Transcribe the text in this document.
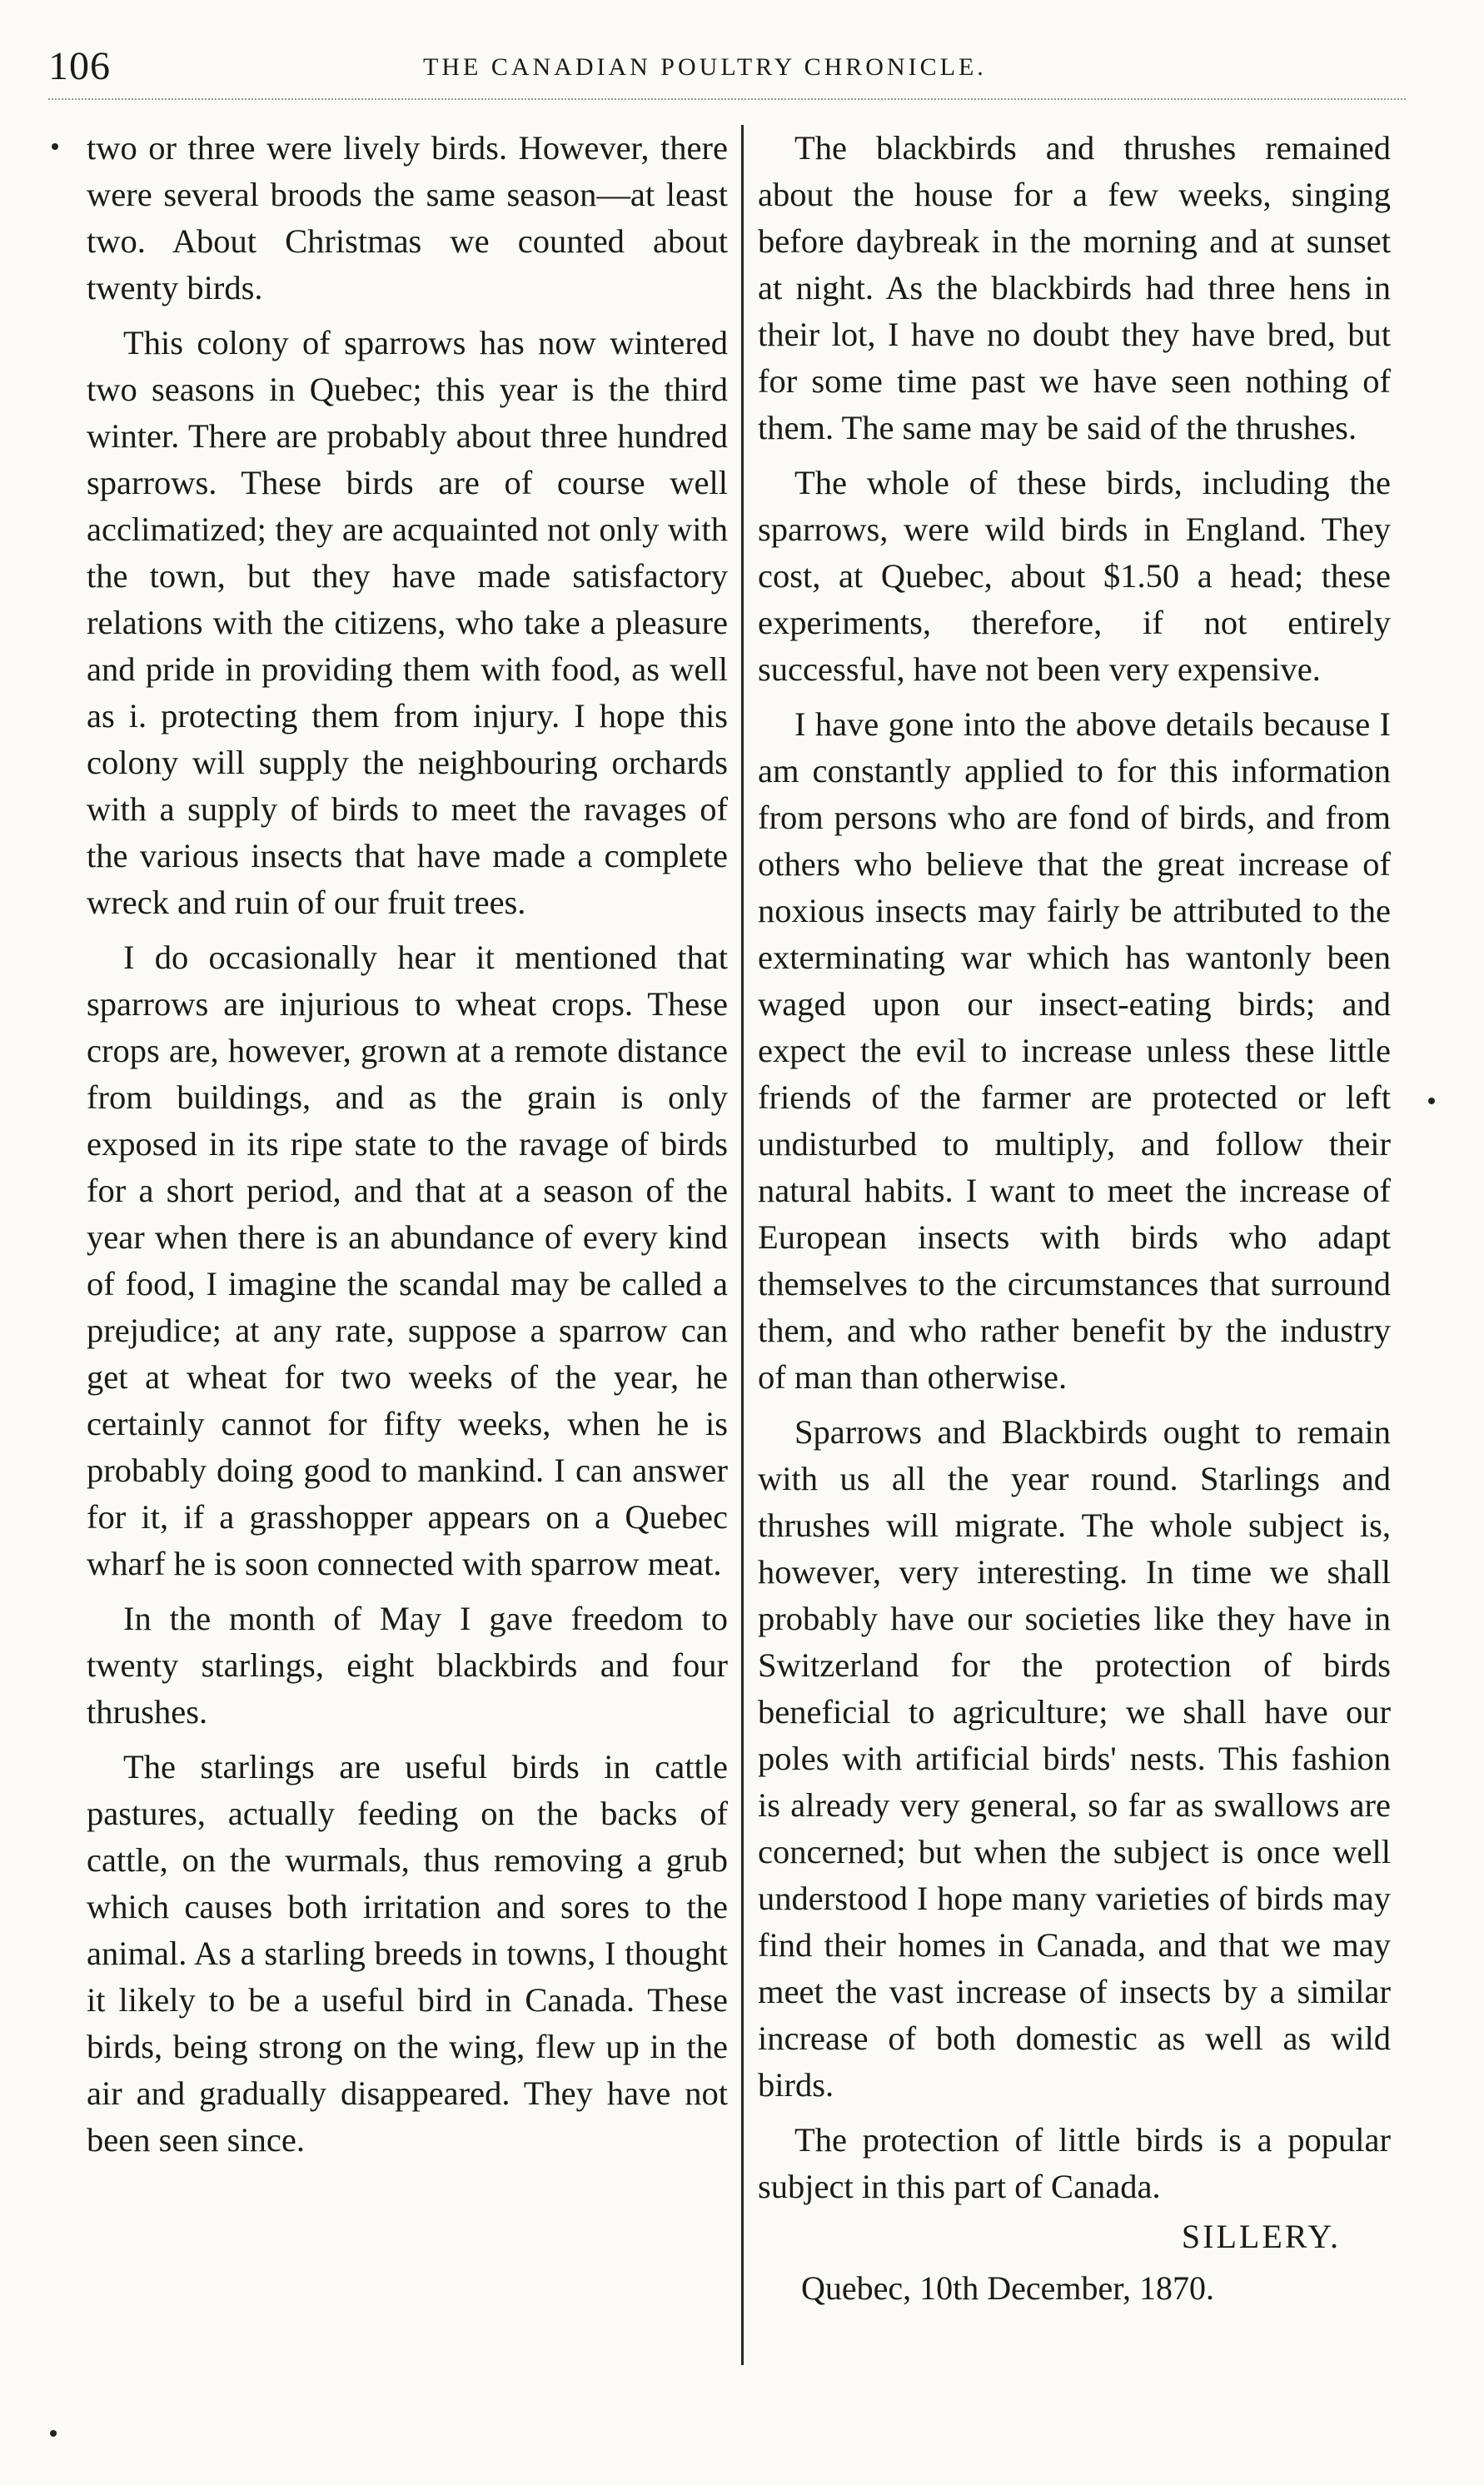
106	THE CANADIAN POULTRY CHRONICLE.

two or three were lively birds. However, there were several broods the same season—at least two. About Christmas we counted about twenty birds.

This colony of sparrows has now wintered two seasons in Quebec; this year is the third winter. There are probably about three hundred sparrows. These birds are of course well acclimatized; they are acquainted not only with the town, but they have made satisfactory relations with the citizens, who take a pleasure and pride in providing them with food, as well as i. protecting them from injury. I hope this colony will supply the neighbouring orchards with a supply of birds to meet the ravages of the various insects that have made a complete wreck and ruin of our fruit trees.

I do occasionally hear it mentioned that sparrows are injurious to wheat crops. These crops are, however, grown at a remote distance from buildings, and as the grain is only exposed in its ripe state to the ravage of birds for a short period, and that at a season of the year when there is an abundance of every kind of food, I imagine the scandal may be called a prejudice; at any rate, suppose a sparrow can get at wheat for two weeks of the year, he certainly cannot for fifty weeks, when he is probably doing good to mankind. I can answer for it, if a grasshopper appears on a Quebec wharf he is soon connected with sparrow meat.

In the month of May I gave freedom to twenty starlings, eight blackbirds and four thrushes.

The starlings are useful birds in cattle pastures, actually feeding on the backs of cattle, on the wurmals, thus removing a grub which causes both irritation and sores to the animal. As a starling breeds in towns, I thought it likely to be a useful bird in Canada. These birds, being strong on the wing, flew up in the air and gradually disappeared. They have not been seen since.

The blackbirds and thrushes remained about the house for a few weeks, singing before daybreak in the morning and at sunset at night. As the blackbirds had three hens in their lot, I have no doubt they have bred, but for some time past we have seen nothing of them. The same may be said of the thrushes.

The whole of these birds, including the sparrows, were wild birds in England. They cost, at Quebec, about $1.50 a head; these experiments, therefore, if not entirely successful, have not been very expensive.

I have gone into the above details because I am constantly applied to for this information from persons who are fond of birds, and from others who believe that the great increase of noxious insects may fairly be attributed to the exterminating war which has wantonly been waged upon our insect-eating birds; and expect the evil to increase unless these little friends of the farmer are protected or left undisturbed to multiply, and follow their natural habits. I want to meet the increase of European insects with birds who adapt themselves to the circumstances that surround them, and who rather benefit by the industry of man than otherwise.

Sparrows and Blackbirds ought to remain with us all the year round. Starlings and thrushes will migrate. The whole subject is, however, very interesting. In time we shall probably have our societies like they have in Switzerland for the protection of birds beneficial to agriculture; we shall have our poles with artificial birds' nests. This fashion is already very general, so far as swallows are concerned; but when the subject is once well understood I hope many varieties of birds may find their homes in Canada, and that we may meet the vast increase of insects by a similar increase of both domestic as well as wild birds.

The protection of little birds is a popular subject in this part of Canada.

SILLERY.
Quebec, 10th December, 1870.
